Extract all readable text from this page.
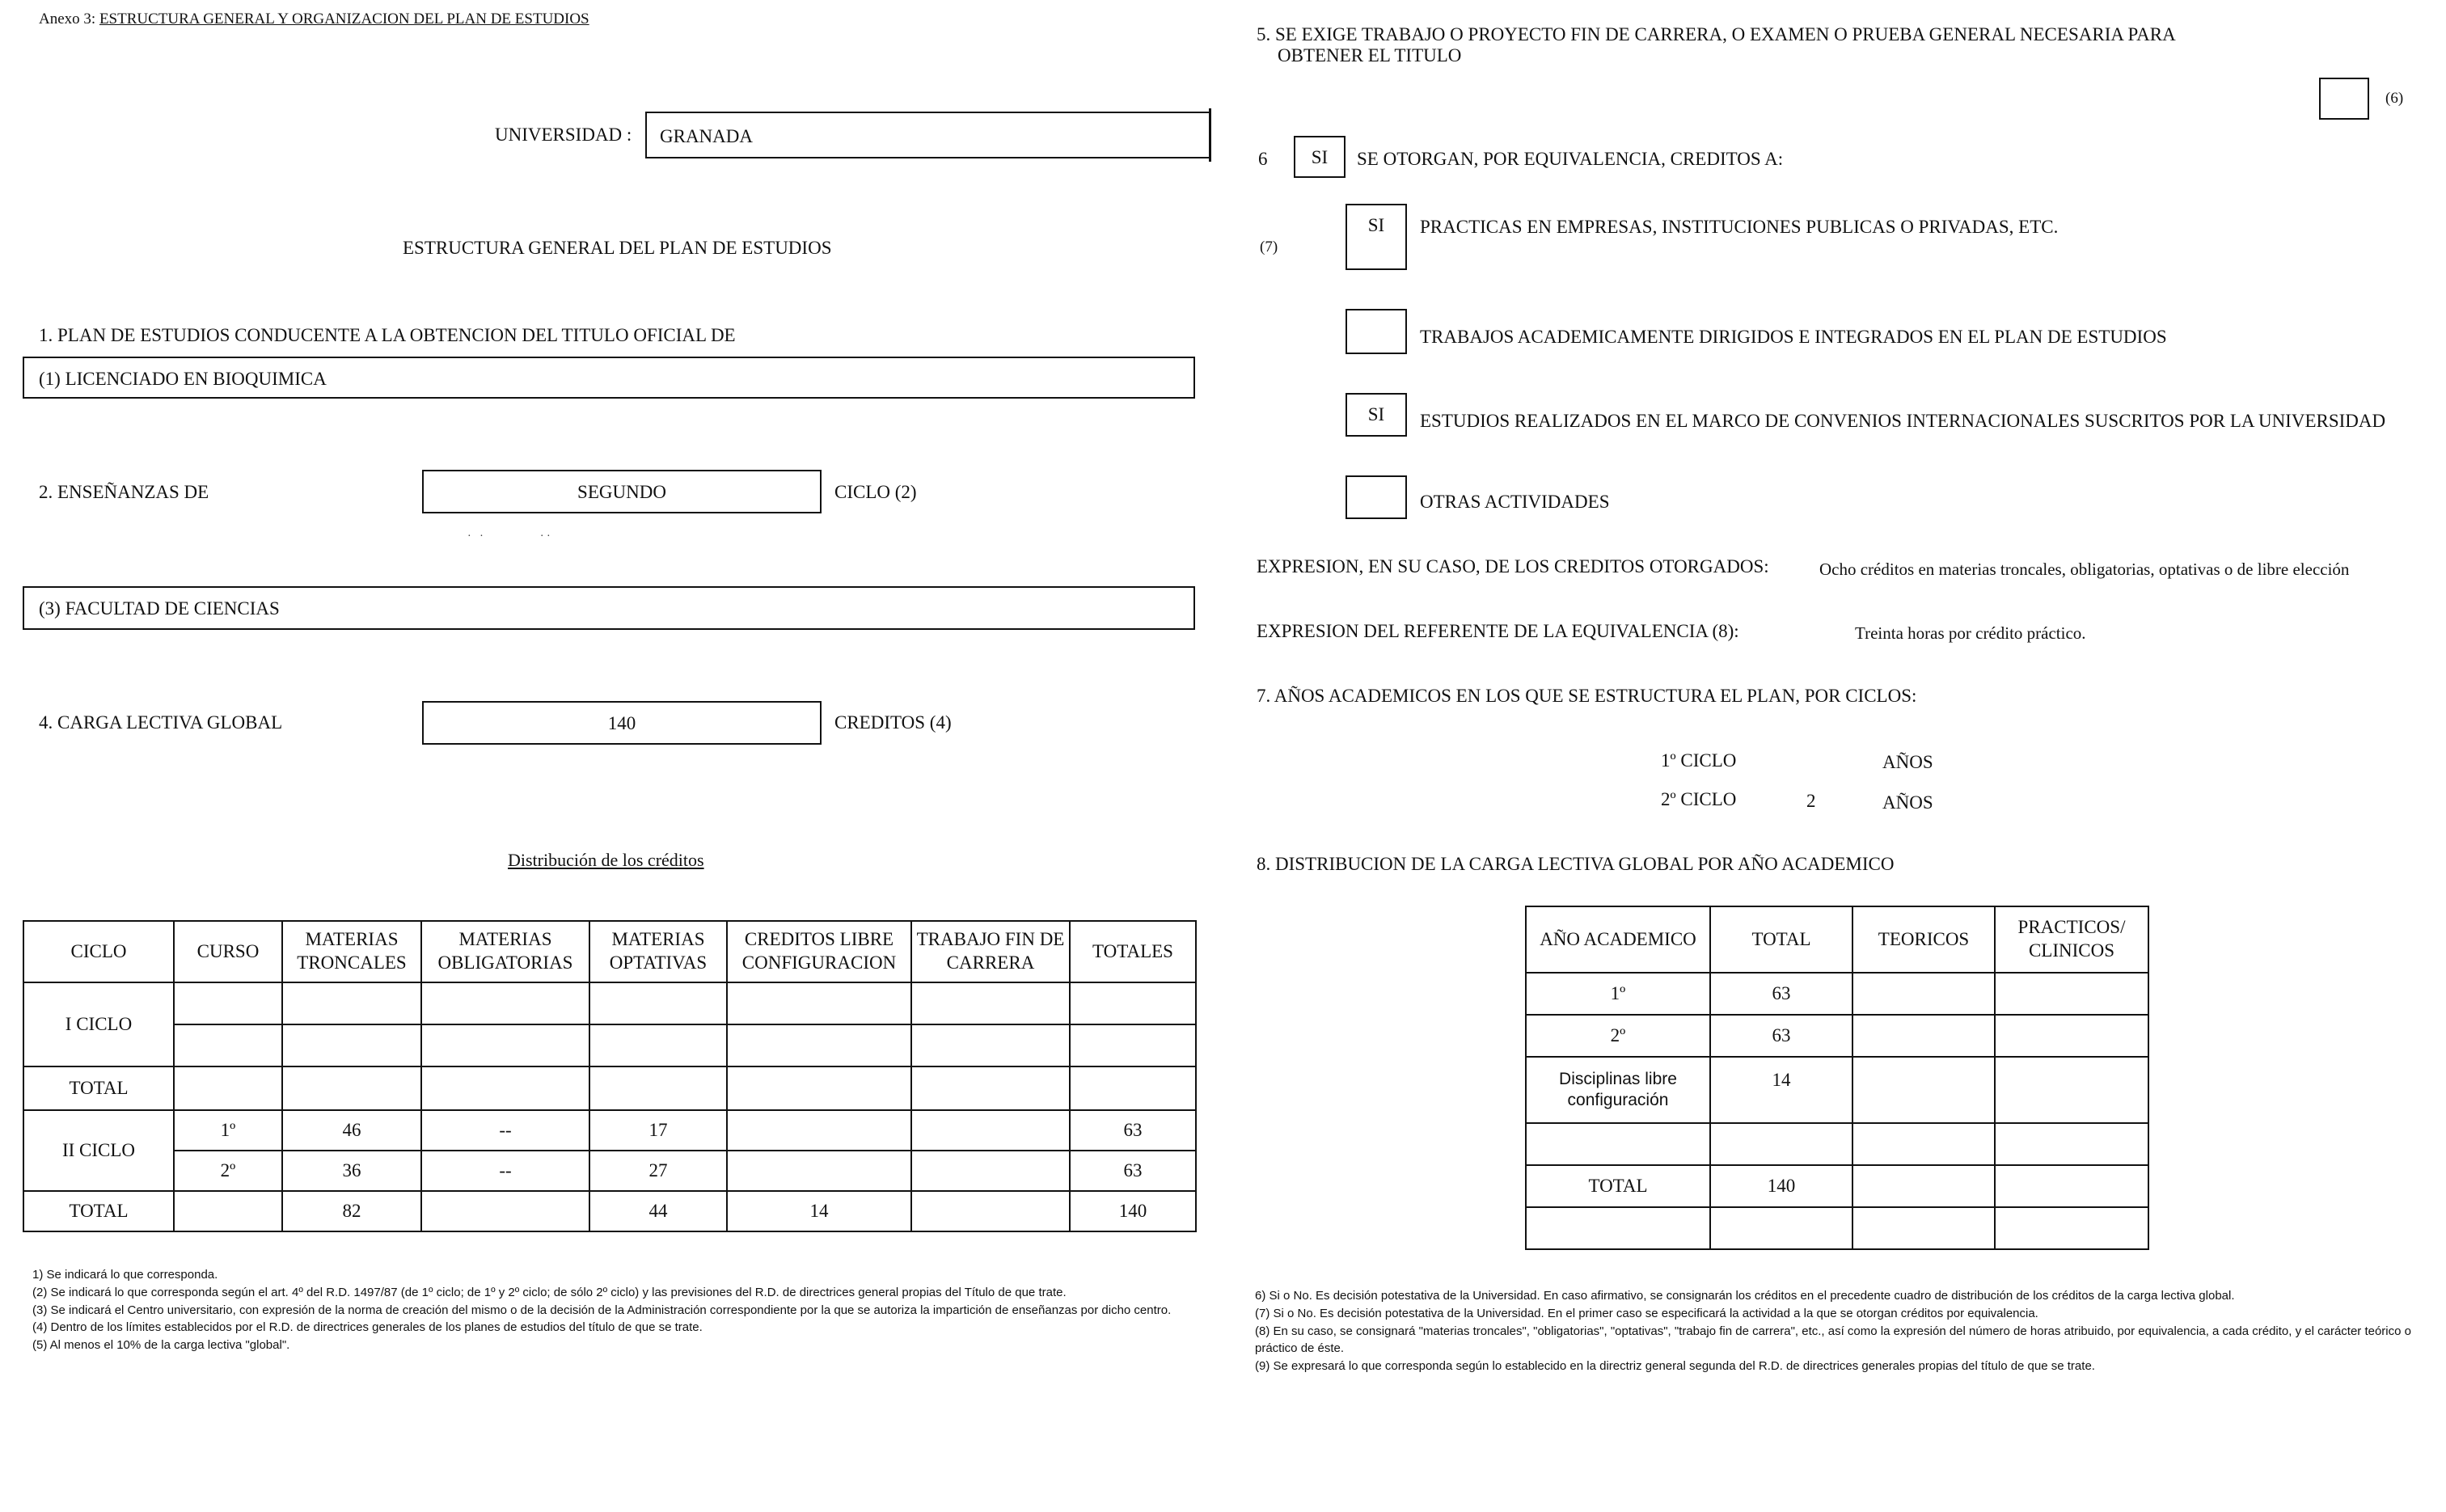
Anexo 3: ESTRUCTURA GENERAL Y ORGANIZACION DEL PLAN DE ESTUDIOS
UNIVERSIDAD : GRANADA
ESTRUCTURA GENERAL DEL PLAN DE ESTUDIOS
1. PLAN DE ESTUDIOS CONDUCENTE A LA OBTENCION DEL TITULO OFICIAL DE
(1) LICENCIADO EN BIOQUIMICA
2. ENSEÑANZAS DE	SEGUNDO	CICLO (2)
·   ·                    · ·
(3) FACULTAD DE CIENCIAS
4. CARGA LECTIVA GLOBAL	140	CREDITOS (4)
Distribución de los créditos
CICLO	CURSO	MATERIAS TRONCALES	MATERIAS OBLIGATORIAS	MATERIAS OPTATIVAS	CREDITOS LIBRE CONFIGURACION	TRABAJO FIN DE CARRERA	TOTALES
I CICLO							

TOTAL							
II CICLO	1º	46	--	17			63
	2º	36	--	27			63
TOTAL		82		44	14		140
1) Se indicará lo que corresponda.
(2) Se indicará lo que corresponda según el art. 4º del R.D. 1497/87 (de 1º ciclo; de 1º y 2º ciclo; de sólo 2º ciclo) y las previsiones del R.D. de directrices general propias del Título de que trate.
(3) Se indicará el Centro universitario, con expresión de la norma de creación del mismo o de la decisión de la Administración correspondiente por la que se autoriza la impartición de enseñanzas por dicho centro.
(4) Dentro de los límites establecidos por el R.D. de directrices generales de los planes de estudios del título de que se trate.
(5) Al menos el 10% de la carga lectiva "global".
5. SE EXIGE TRABAJO O PROYECTO FIN DE CARRERA, O EXAMEN O PRUEBA GENERAL NECESARIA PARA
OBTENER EL TITULO
(6)
6	SI	SE OTORGAN, POR EQUIVALENCIA, CREDITOS A:
(7)
SI	PRACTICAS EN EMPRESAS, INSTITUCIONES PUBLICAS O PRIVADAS, ETC.
TRABAJOS ACADEMICAMENTE DIRIGIDOS E INTEGRADOS EN EL PLAN DE ESTUDIOS
SI	ESTUDIOS REALIZADOS EN EL MARCO DE CONVENIOS INTERNACIONALES SUSCRITOS POR LA UNIVERSIDAD
OTRAS ACTIVIDADES
EXPRESION, EN SU CASO, DE LOS CREDITOS OTORGADOS:	Ocho créditos en materias troncales, obligatorias, optativas o de libre elección
EXPRESION DEL REFERENTE DE LA EQUIVALENCIA (8):	Treinta horas por crédito práctico.
7. AÑOS ACADEMICOS EN LOS QUE SE ESTRUCTURA EL PLAN, POR CICLOS:
1º CICLO	AÑOS
2º CICLO	2	AÑOS
8. DISTRIBUCION DE LA CARGA LECTIVA GLOBAL POR AÑO ACADEMICO
AÑO ACADEMICO	TOTAL	TEORICOS	PRACTICOS/ CLINICOS
1º	63		
2º	63		
Disciplinas libre configuración	14		

TOTAL	140		

6) Si o No. Es decisión potestativa de la Universidad. En caso afirmativo, se consignarán los créditos en el precedente cuadro de distribución de los créditos de la carga lectiva global.
(7) Si o No. Es decisión potestativa de la Universidad. En el primer caso se especificará la actividad a la que se otorgan créditos por equivalencia.
(8) En su caso, se consignará "materias troncales", "obligatorias", "optativas", "trabajo fin de carrera", etc., así como la expresión del número de horas atribuido, por equivalencia, a cada crédito, y el carácter teórico o práctico de éste.
(9) Se expresará lo que corresponda según lo establecido en la directriz general segunda del R.D. de directrices generales propias del título de que se trate.
